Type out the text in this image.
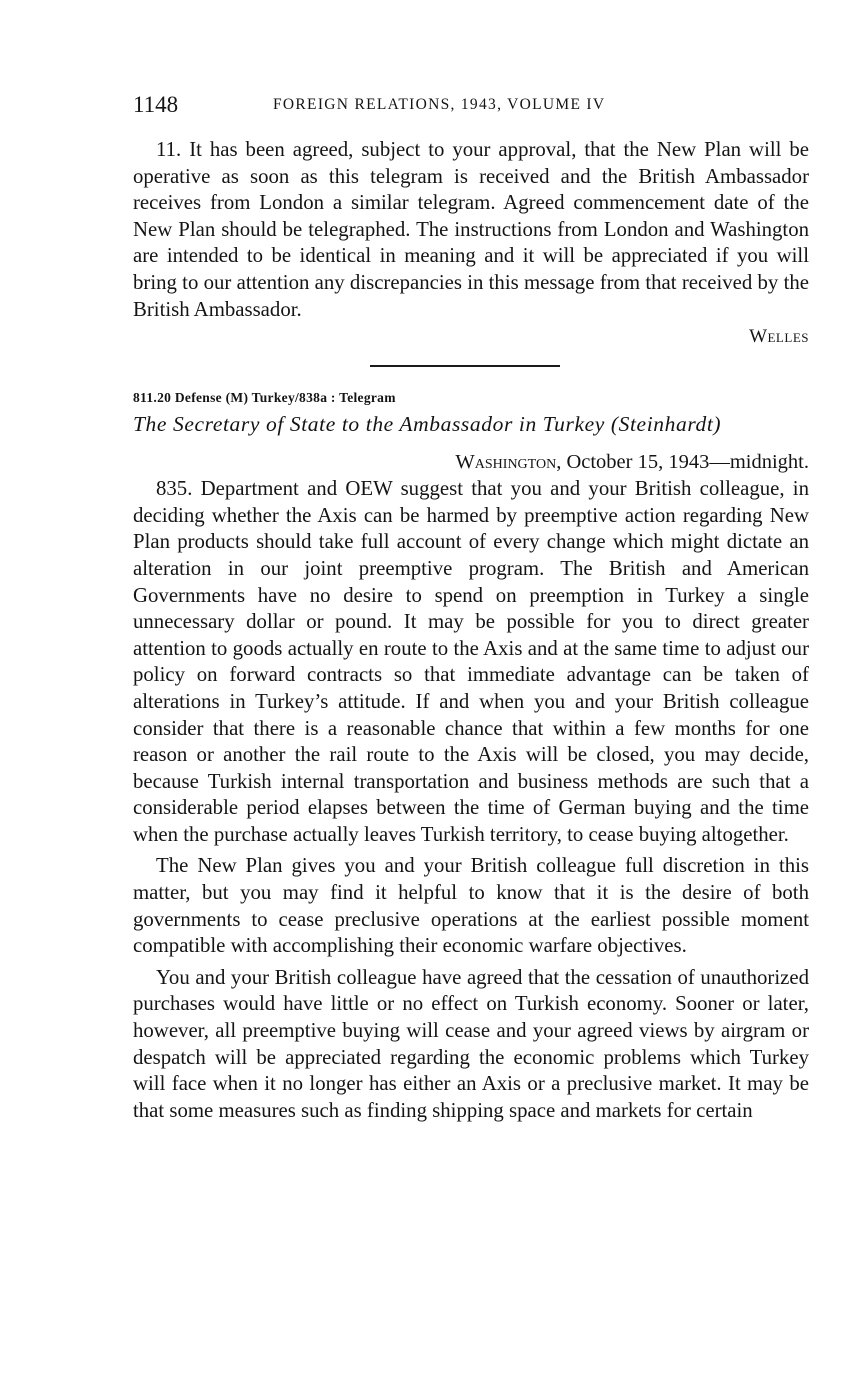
1148	FOREIGN RELATIONS, 1943, VOLUME IV

11. It has been agreed, subject to your approval, that the New Plan will be operative as soon as this telegram is received and the British Ambassador receives from London a similar telegram. Agreed commencement date of the New Plan should be telegraphed. The instructions from London and Washington are intended to be identical in meaning and it will be appreciated if you will bring to our attention any discrepancies in this message from that received by the British Ambassador.

Welles
811.20 Defense (M) Turkey/838a : Telegram
The Secretary of State to the Ambassador in Turkey (Steinhardt)
Washington, October 15, 1943—midnight.

835. Department and OEW suggest that you and your British colleague, in deciding whether the Axis can be harmed by preemptive action regarding New Plan products should take full account of every change which might dictate an alteration in our joint preemptive program. The British and American Governments have no desire to spend on preemption in Turkey a single unnecessary dollar or pound. It may be possible for you to direct greater attention to goods actually en route to the Axis and at the same time to adjust our policy on forward contracts so that immediate advantage can be taken of alterations in Turkey’s attitude. If and when you and your British colleague consider that there is a reasonable chance that within a few months for one reason or another the rail route to the Axis will be closed, you may decide, because Turkish internal transportation and business methods are such that a considerable period elapses between the time of German buying and the time when the purchase actually leaves Turkish territory, to cease buying altogether.

The New Plan gives you and your British colleague full discretion in this matter, but you may find it helpful to know that it is the desire of both governments to cease preclusive operations at the earliest possible moment compatible with accomplishing their economic warfare objectives.

You and your British colleague have agreed that the cessation of unauthorized purchases would have little or no effect on Turkish economy. Sooner or later, however, all preemptive buying will cease and your agreed views by airgram or despatch will be appreciated regarding the economic problems which Turkey will face when it no longer has either an Axis or a preclusive market. It may be that some measures such as finding shipping space and markets for certain
